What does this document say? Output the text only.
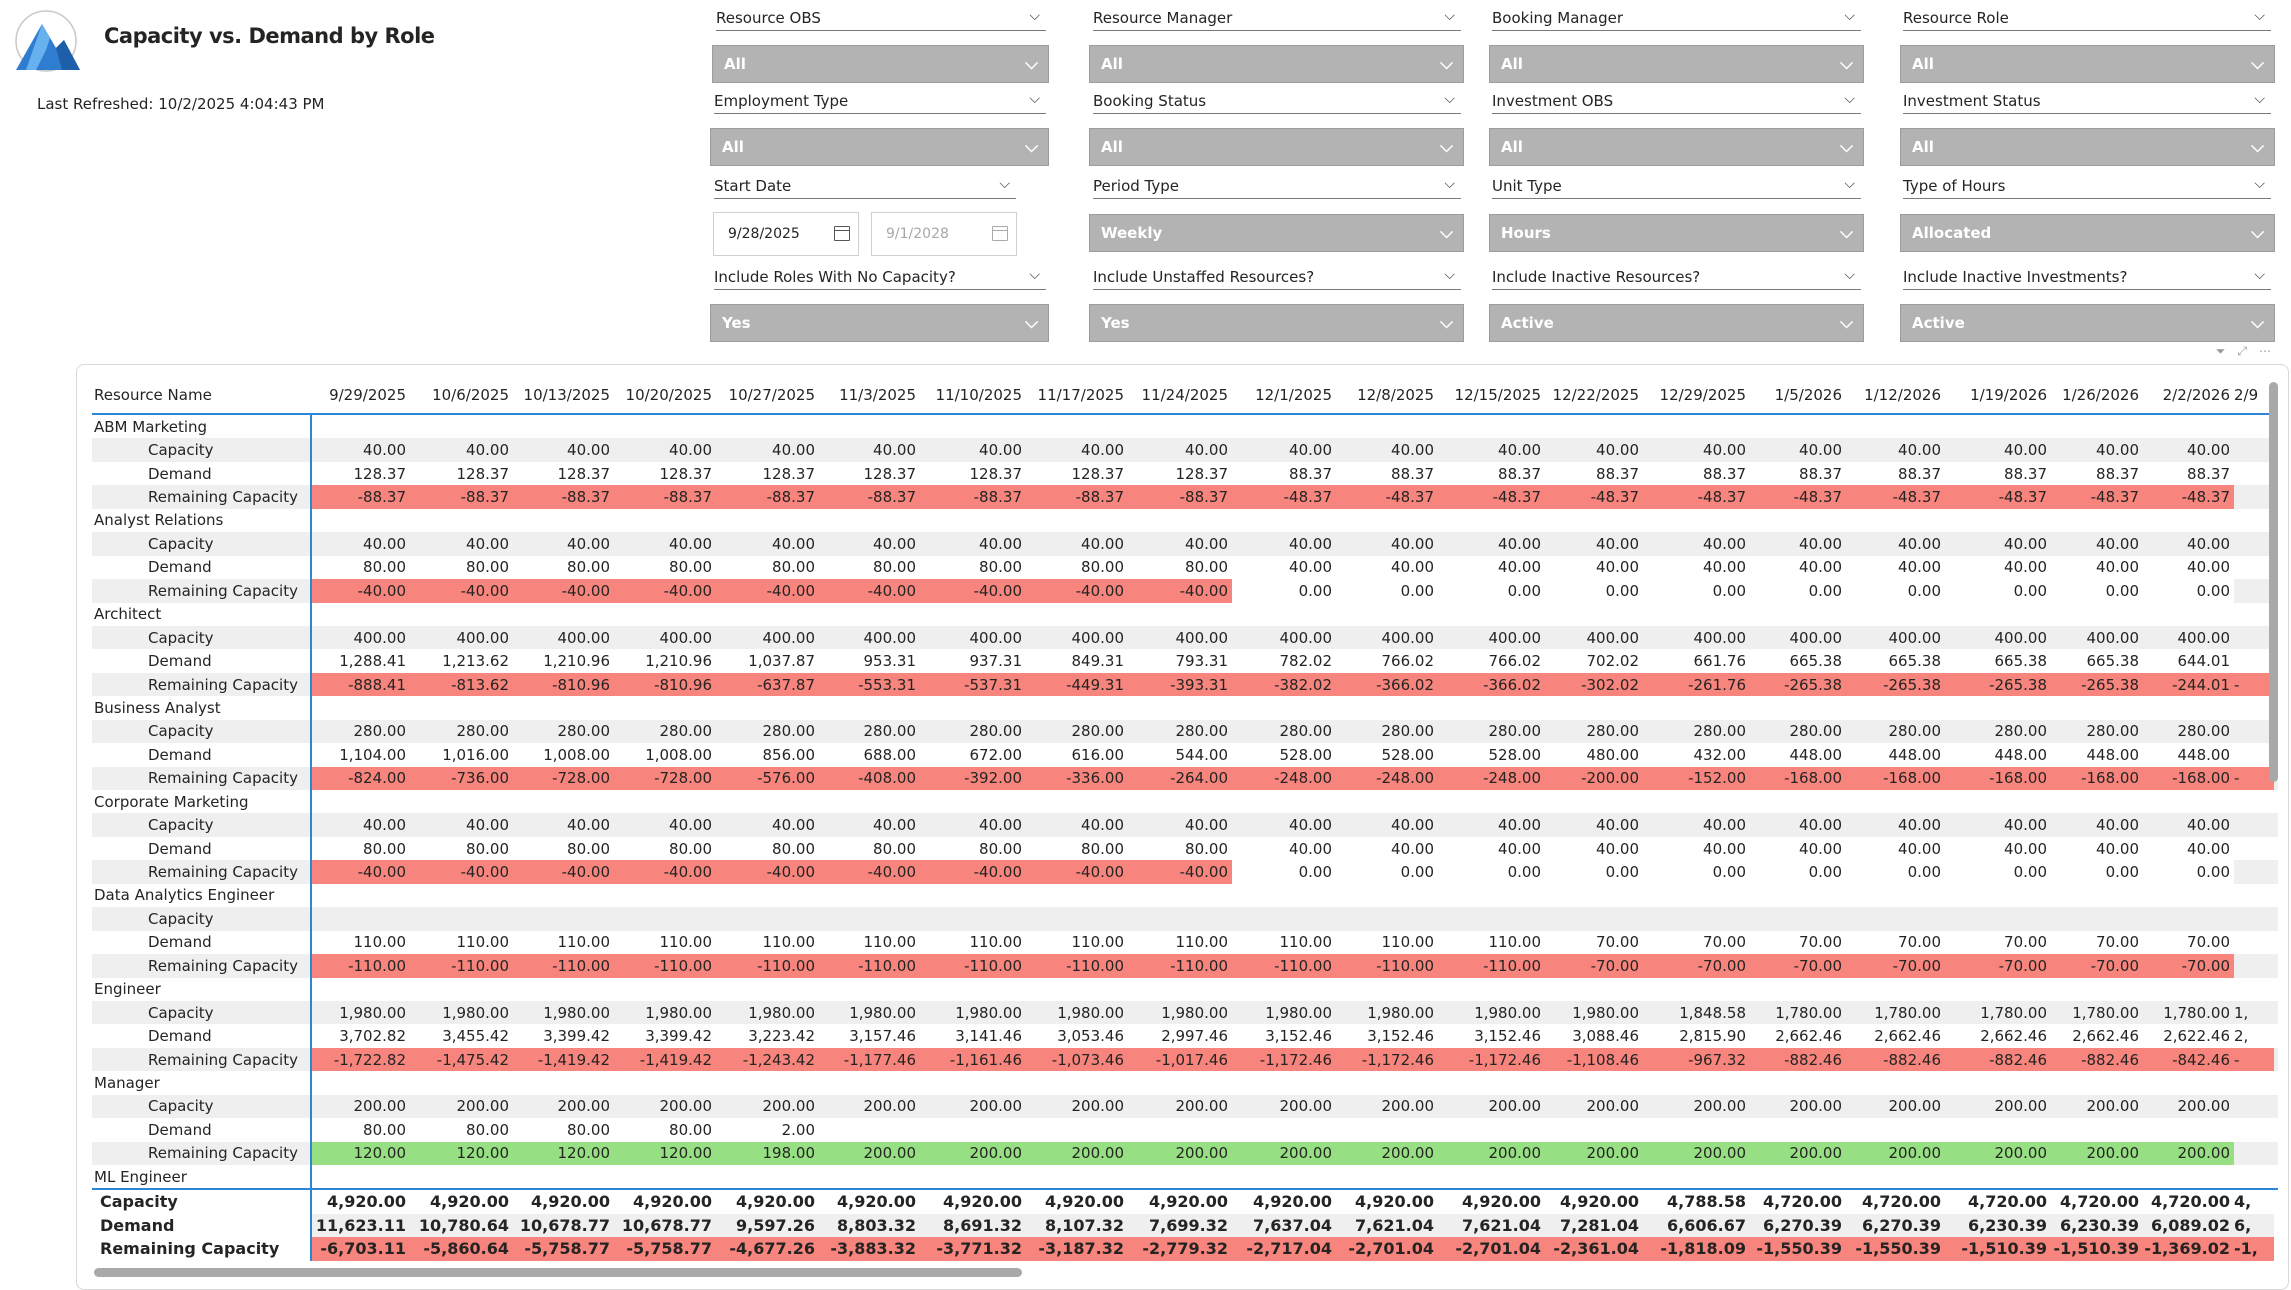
Capacity vs. Demand by Role
Last Refreshed: 10/2/2025 4:04:43 PM
Resource OBS	⌵	Resource Manager	⌵ Booking Manager	⌵	Resource Role	⌵
All	⌵	All	⌵	All	⌵	All	⌵
Employment Type	⌵	Booking Status	⌵ Investment OBS	⌵	Investment Status	⌵
All	⌵	All	⌵	All	⌵	All	⌵
Start Date	⌵	Period Type	⌵ Unit Type	⌵	Type of Hours	⌵
9/28/2025	9/1/2028	Weekly	⌵	Hours	⌵	Allocated	⌵
Include Roles With No Capacity?	⌵	Include Unstaffed Resources?	⌵ Include Inactive Resources?	⌵	Include Inactive Investments?	⌵
Yes	⌵	Yes	⌵	Active	⌵	Active	⌵
⏷⤢⋯
Resource Name	9/29/2025	10/6/2025	10/13/2025	10/20/2025	10/27/2025	11/3/2025	11/10/2025	11/17/2025	11/24/2025	12/1/2025	12/8/2025	12/15/2025	12/22/2025	12/29/2025	1/5/2026	1/12/2026	1/19/2026	1/26/2026	2/2/2026	2/9	
ABM Marketing																					
Capacity	40.00	40.00	40.00	40.00	40.00	40.00	40.00	40.00	40.00	40.00	40.00	40.00	40.00	40.00	40.00	40.00	40.00	40.00	40.00		
Demand	128.37	128.37	128.37	128.37	128.37	128.37	128.37	128.37	128.37	88.37	88.37	88.37	88.37	88.37	88.37	88.37	88.37	88.37	88.37		
Remaining Capacity	-88.37	-88.37	-88.37	-88.37	-88.37	-88.37	-88.37	-88.37	-88.37	-48.37	-48.37	-48.37	-48.37	-48.37	-48.37	-48.37	-48.37	-48.37	-48.37		
Analyst Relations																					
Capacity	40.00	40.00	40.00	40.00	40.00	40.00	40.00	40.00	40.00	40.00	40.00	40.00	40.00	40.00	40.00	40.00	40.00	40.00	40.00		
Demand	80.00	80.00	80.00	80.00	80.00	80.00	80.00	80.00	80.00	40.00	40.00	40.00	40.00	40.00	40.00	40.00	40.00	40.00	40.00		
Remaining Capacity	-40.00	-40.00	-40.00	-40.00	-40.00	-40.00	-40.00	-40.00	-40.00	0.00	0.00	0.00	0.00	0.00	0.00	0.00	0.00	0.00	0.00		
Architect																					
Capacity	400.00	400.00	400.00	400.00	400.00	400.00	400.00	400.00	400.00	400.00	400.00	400.00	400.00	400.00	400.00	400.00	400.00	400.00	400.00		
Demand	1,288.41	1,213.62	1,210.96	1,210.96	1,037.87	953.31	937.31	849.31	793.31	782.02	766.02	766.02	702.02	661.76	665.38	665.38	665.38	665.38	644.01		
Remaining Capacity	-888.41	-813.62	-810.96	-810.96	-637.87	-553.31	-537.31	-449.31	-393.31	-382.02	-366.02	-366.02	-302.02	-261.76	-265.38	-265.38	-265.38	-265.38	-244.01	-	
Business Analyst																					
Capacity	280.00	280.00	280.00	280.00	280.00	280.00	280.00	280.00	280.00	280.00	280.00	280.00	280.00	280.00	280.00	280.00	280.00	280.00	280.00		
Demand	1,104.00	1,016.00	1,008.00	1,008.00	856.00	688.00	672.00	616.00	544.00	528.00	528.00	528.00	480.00	432.00	448.00	448.00	448.00	448.00	448.00		
Remaining Capacity	-824.00	-736.00	-728.00	-728.00	-576.00	-408.00	-392.00	-336.00	-264.00	-248.00	-248.00	-248.00	-200.00	-152.00	-168.00	-168.00	-168.00	-168.00	-168.00	-	
Corporate Marketing																					
Capacity	40.00	40.00	40.00	40.00	40.00	40.00	40.00	40.00	40.00	40.00	40.00	40.00	40.00	40.00	40.00	40.00	40.00	40.00	40.00		
Demand	80.00	80.00	80.00	80.00	80.00	80.00	80.00	80.00	80.00	40.00	40.00	40.00	40.00	40.00	40.00	40.00	40.00	40.00	40.00		
Remaining Capacity	-40.00	-40.00	-40.00	-40.00	-40.00	-40.00	-40.00	-40.00	-40.00	0.00	0.00	0.00	0.00	0.00	0.00	0.00	0.00	0.00	0.00		
Data Analytics Engineer																					
Capacity																					
Demand	110.00	110.00	110.00	110.00	110.00	110.00	110.00	110.00	110.00	110.00	110.00	110.00	70.00	70.00	70.00	70.00	70.00	70.00	70.00		
Remaining Capacity	-110.00	-110.00	-110.00	-110.00	-110.00	-110.00	-110.00	-110.00	-110.00	-110.00	-110.00	-110.00	-70.00	-70.00	-70.00	-70.00	-70.00	-70.00	-70.00		
Engineer																					
Capacity	1,980.00	1,980.00	1,980.00	1,980.00	1,980.00	1,980.00	1,980.00	1,980.00	1,980.00	1,980.00	1,980.00	1,980.00	1,980.00	1,848.58	1,780.00	1,780.00	1,780.00	1,780.00	1,780.00	1,	
Demand	3,702.82	3,455.42	3,399.42	3,399.42	3,223.42	3,157.46	3,141.46	3,053.46	2,997.46	3,152.46	3,152.46	3,152.46	3,088.46	2,815.90	2,662.46	2,662.46	2,662.46	2,662.46	2,622.46	2,	
Remaining Capacity	-1,722.82	-1,475.42	-1,419.42	-1,419.42	-1,243.42	-1,177.46	-1,161.46	-1,073.46	-1,017.46	-1,172.46	-1,172.46	-1,172.46	-1,108.46	-967.32	-882.46	-882.46	-882.46	-882.46	-842.46	-	
Manager																					
Capacity	200.00	200.00	200.00	200.00	200.00	200.00	200.00	200.00	200.00	200.00	200.00	200.00	200.00	200.00	200.00	200.00	200.00	200.00	200.00		
Demand	80.00	80.00	80.00	80.00	2.00																
Remaining Capacity	120.00	120.00	120.00	120.00	198.00	200.00	200.00	200.00	200.00	200.00	200.00	200.00	200.00	200.00	200.00	200.00	200.00	200.00	200.00		
ML Engineer																					
Capacity	4,920.00	4,920.00	4,920.00	4,920.00	4,920.00	4,920.00	4,920.00	4,920.00	4,920.00	4,920.00	4,920.00	4,920.00	4,920.00	4,788.58	4,720.00	4,720.00	4,720.00	4,720.00	4,720.00	4,	
Demand	11,623.11	10,780.64	10,678.77	10,678.77	9,597.26	8,803.32	8,691.32	8,107.32	7,699.32	7,637.04	7,621.04	7,621.04	7,281.04	6,606.67	6,270.39	6,270.39	6,230.39	6,230.39	6,089.02	6,	
Remaining Capacity	-6,703.11	-5,860.64	-5,758.77	-5,758.77	-4,677.26	-3,883.32	-3,771.32	-3,187.32	-2,779.32	-2,717.04	-2,701.04	-2,701.04	-2,361.04	-1,818.09	-1,550.39	-1,550.39	-1,510.39	-1,510.39	-1,369.02	-1,	
